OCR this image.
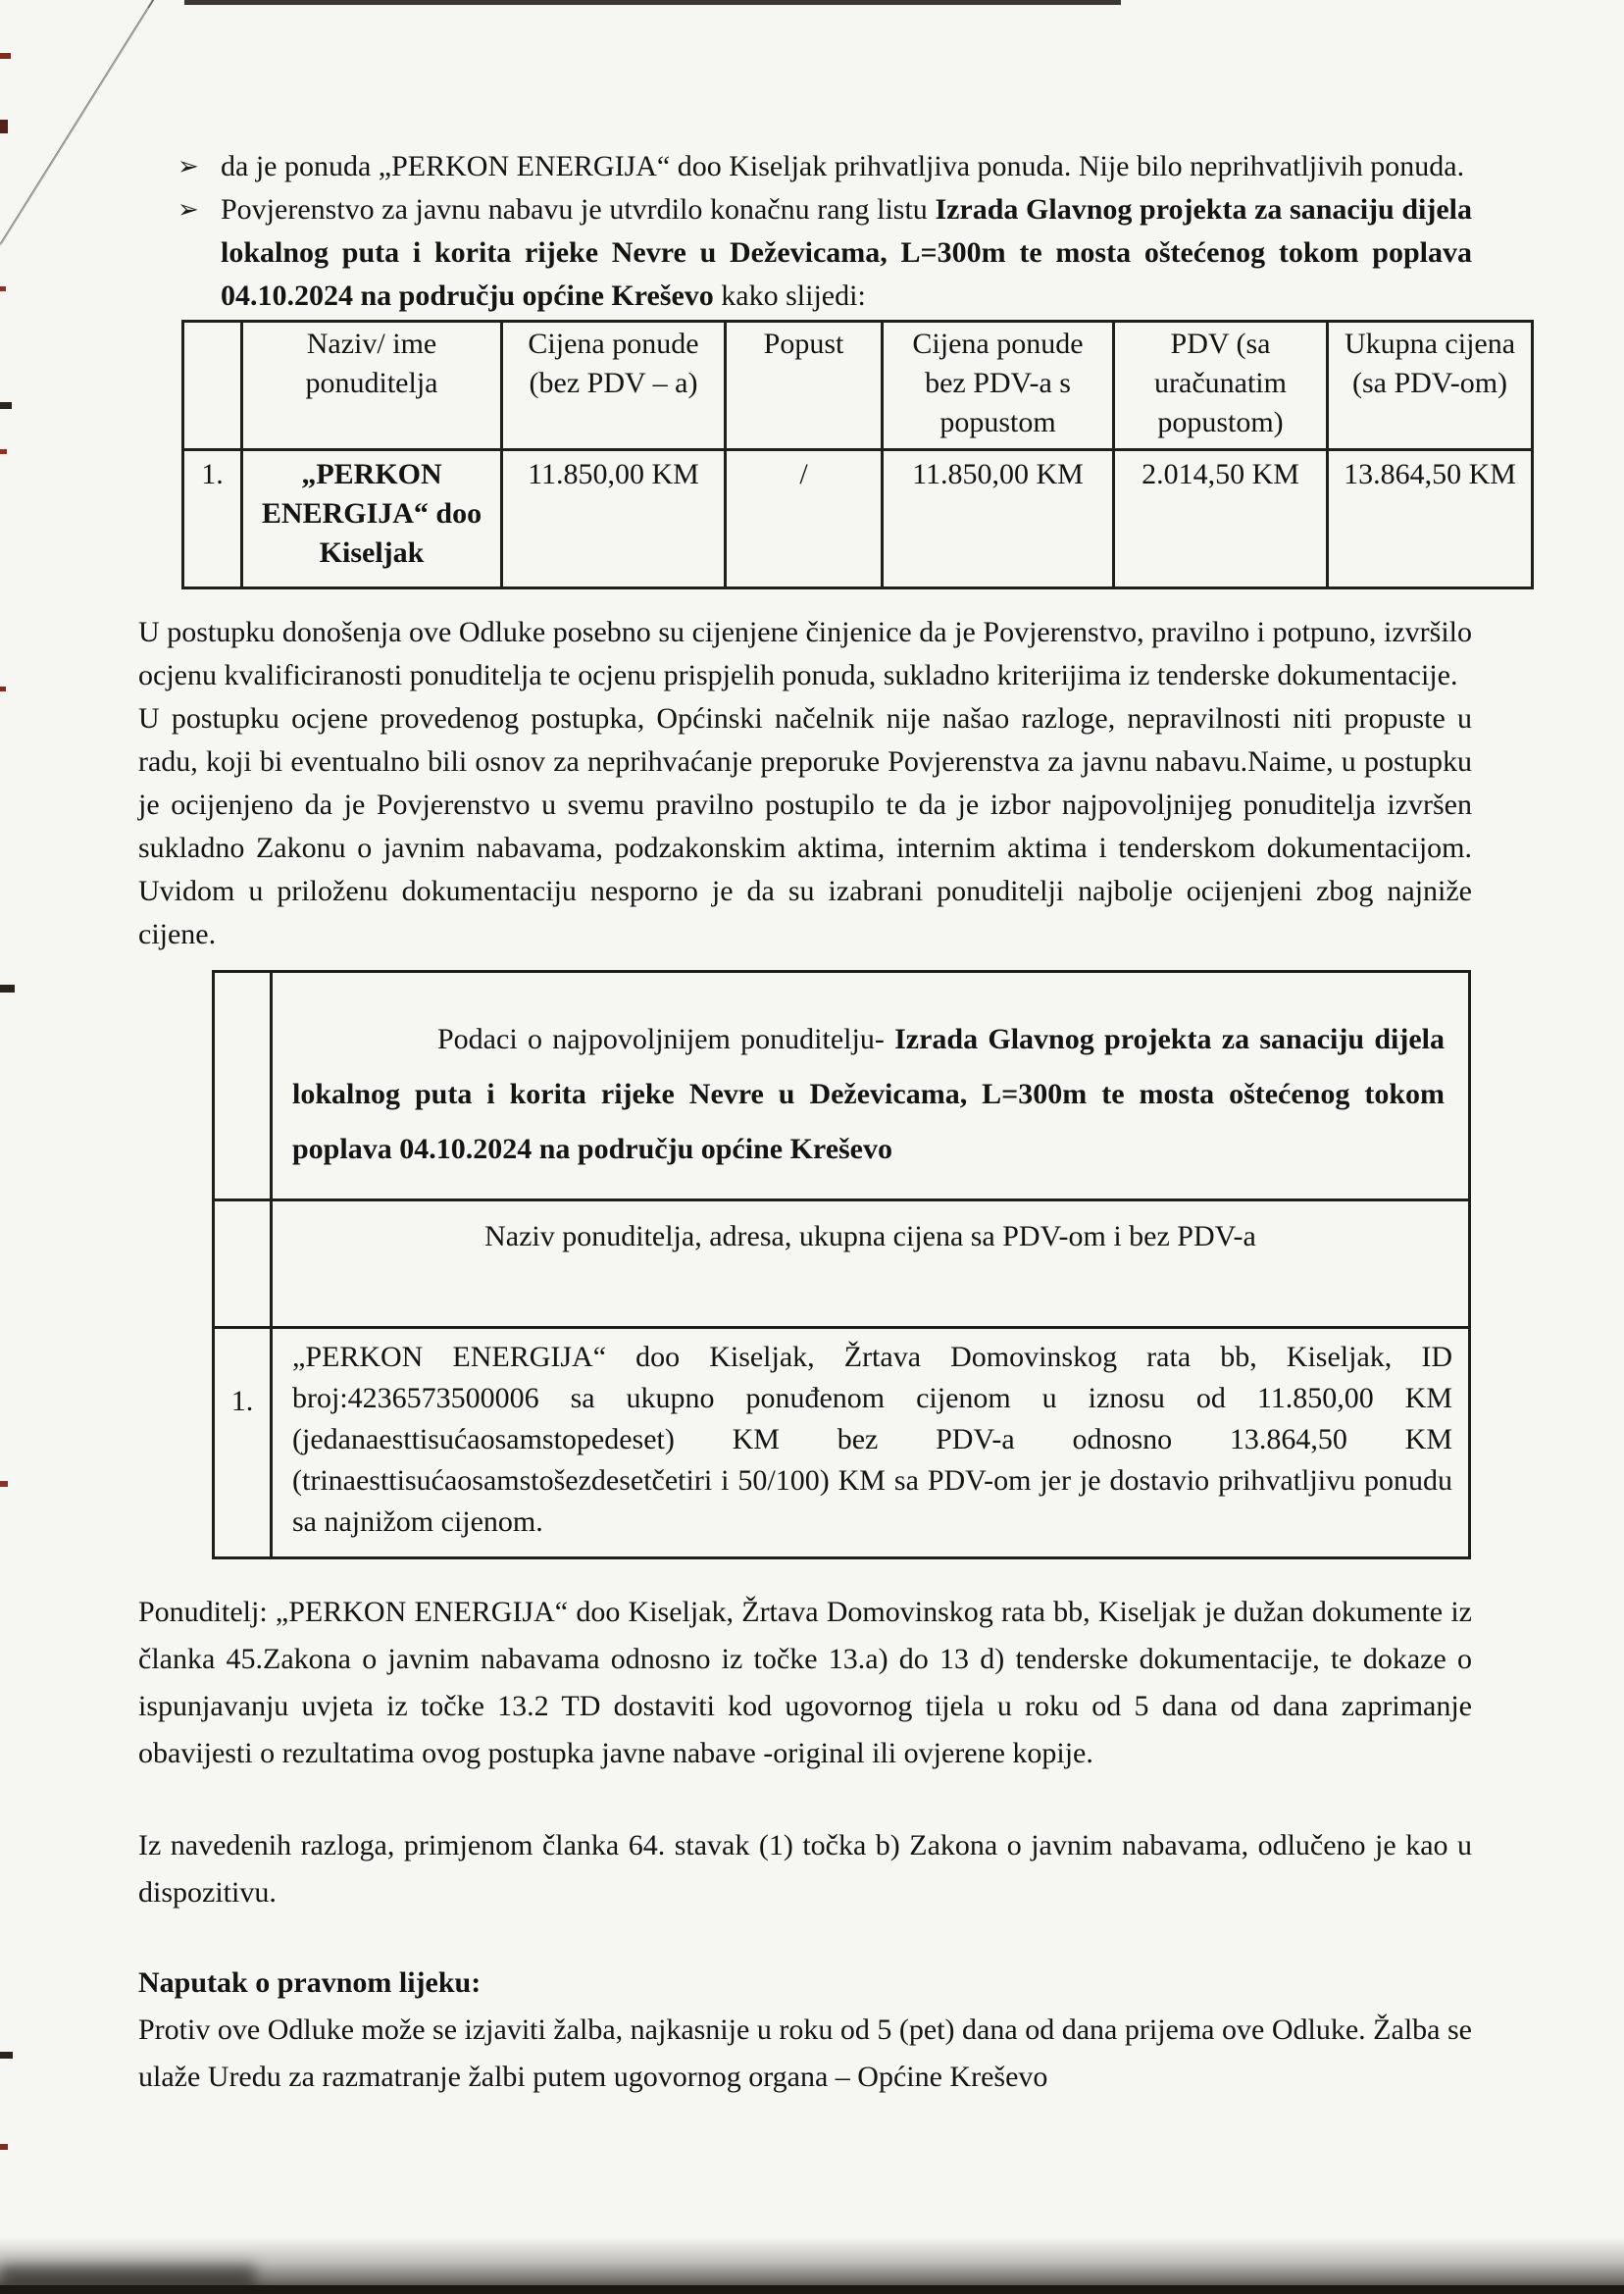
➢ da je ponuda „PERKON ENERGIJA“ doo Kiseljak prihvatljiva ponuda. Nije bilo neprihvatljivih ponuda.
➢ Povjerenstvo za javnu nabavu je utvrdilo konačnu rang listu Izrada Glavnog projekta za sanaciju dijela lokalnog puta i korita rijeke Nevre u Deževicama, L=300m te mosta oštećenog tokom poplava 04.10.2024 na području općine Kreševo kako slijedi:
	Naziv/ ime ponuditelja	Cijena ponude (bez PDV – a)	Popust	Cijena ponude bez PDV-a s popustom	PDV (sa uračunatim popustom)	Ukupna cijena (sa PDV-om)
1.	„PERKON ENERGIJA“ doo Kiseljak	11.850,00 KM	/	11.850,00 KM	2.014,50 KM	13.864,50 KM

U postupku donošenja ove Odluke posebno su cijenjene činjenice da je Povjerenstvo, pravilno i potpuno, izvršilo ocjenu kvalificiranosti ponuditelja te ocjenu prispjelih ponuda, sukladno kriterijima iz tenderske dokumentacije.

U postupku ocjene provedenog postupka, Općinski načelnik nije našao razloge, nepravilnosti niti propuste u radu, koji bi eventualno bili osnov za neprihvaćanje preporuke Povjerenstva za javnu nabavu.Naime, u postupku je ocijenjeno da je Povjerenstvo u svemu pravilno postupilo te da je izbor najpovoljnijeg ponuditelja izvršen sukladno Zakonu o javnim nabavama, podzakonskim aktima, internim aktima i tenderskom dokumentacijom. Uvidom u priloženu dokumentaciju nesporno je da su izabrani ponuditelji najbolje ocijenjeni zbog najniže cijene.

	Podaci o najpovoljnijem ponuditelju- Izrada Glavnog projekta za sanaciju dijela lokalnog puta i korita rijeke Nevre u Deževicama, L=300m te mosta oštećenog tokom poplava 04.10.2024 na području općine Kreševo
	Naziv ponuditelja, adresa, ukupna cijena sa PDV-om i bez PDV-a
1.	„PERKON ENERGIJA“ doo Kiseljak, Žrtava Domovinskog rata bb, Kiseljak, ID broj:4236573500006 sa ukupno ponuđenom cijenom u iznosu od 11.850,00 KM (jedanaesttisućaosamstopedeset) KM bez PDV-a odnosno 13.864,50 KM (trinaesttisućaosamstošezdesetčetiri i 50/100) KM sa PDV-om jer je dostavio prihvatljivu ponudu sa najnižom cijenom.

Ponuditelj: „PERKON ENERGIJA“ doo Kiseljak, Žrtava Domovinskog rata bb, Kiseljak je dužan dokumente iz članka 45.Zakona o javnim nabavama odnosno iz točke 13.a) do 13 d) tenderske dokumentacije, te dokaze o ispunjavanju uvjeta iz točke 13.2 TD dostaviti kod ugovornog tijela u roku od 5 dana od dana zaprimanje obavijesti o rezultatima ovog postupka javne nabave -original ili ovjerene kopije.

Iz navedenih razloga, primjenom članka 64. stavak (1) točka b) Zakona o javnim nabavama, odlučeno je kao u dispozitivu.

Naputak o pravnom lijeku:

Protiv ove Odluke može se izjaviti žalba, najkasnije u roku od 5 (pet) dana od dana prijema ove Odluke. Žalba se ulaže Uredu za razmatranje žalbi putem ugovornog organa – Općine Kreševo
